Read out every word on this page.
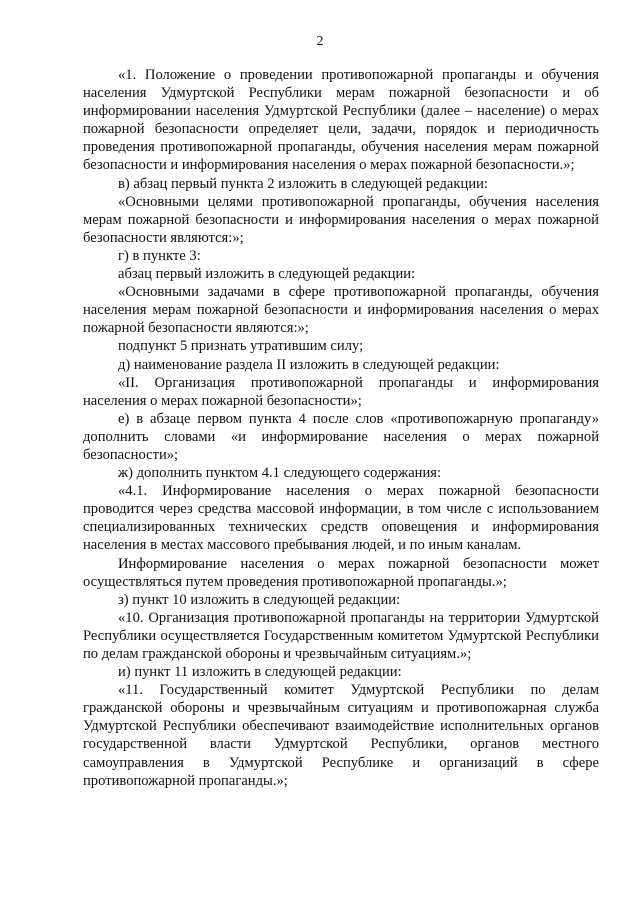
2

«1. Положение о проведении противопожарной пропаганды и обучения населения Удмуртской Республики мерам пожарной безопасности и об информировании населения Удмуртской Республики (далее – население) о мерах пожарной безопасности определяет цели, задачи, порядок и периодичность проведения противопожарной пропаганды, обучения населения мерам пожарной безопасности и информирования населения о мерах пожарной безопасности.»;

в) абзац первый пункта 2 изложить в следующей редакции:

«Основными целями противопожарной пропаганды, обучения населения мерам пожарной безопасности и информирования населения о мерах пожарной безопасности являются:»;

г) в пункте 3:

абзац первый изложить в следующей редакции:

«Основными задачами в сфере противопожарной пропаганды, обучения населения мерам пожарной безопасности и информирования населения о мерах пожарной безопасности являются:»;

подпункт 5 признать утратившим силу;

д) наименование раздела II изложить в следующей редакции:

«II. Организация противопожарной пропаганды и информирования населения о мерах пожарной безопасности»;

е) в абзаце первом пункта 4 после слов «противопожарную пропаганду» дополнить словами «и информирование населения о мерах пожарной безопасности»;

ж) дополнить пунктом 4.1 следующего содержания:

«4.1. Информирование населения о мерах пожарной безопасности проводится через средства массовой информации, в том числе с использованием специализированных технических средств оповещения и информирования населения в местах массового пребывания людей, и по иным каналам.

Информирование населения о мерах пожарной безопасности может осуществляться путем проведения противопожарной пропаганды.»;

з) пункт 10 изложить в следующей редакции:

«10. Организация противопожарной пропаганды на территории Удмуртской Республики осуществляется Государственным комитетом Удмуртской Республики по делам гражданской обороны и чрезвычайным ситуациям.»;

и) пункт 11 изложить в следующей редакции:

«11. Государственный комитет Удмуртской Республики по делам гражданской обороны и чрезвычайным ситуациям и противопожарная служба Удмуртской Республики обеспечивают взаимодействие исполнительных органов государственной власти Удмуртской Республики, органов местного самоуправления в Удмуртской Республике и организаций в сфере противопожарной пропаганды.»;
